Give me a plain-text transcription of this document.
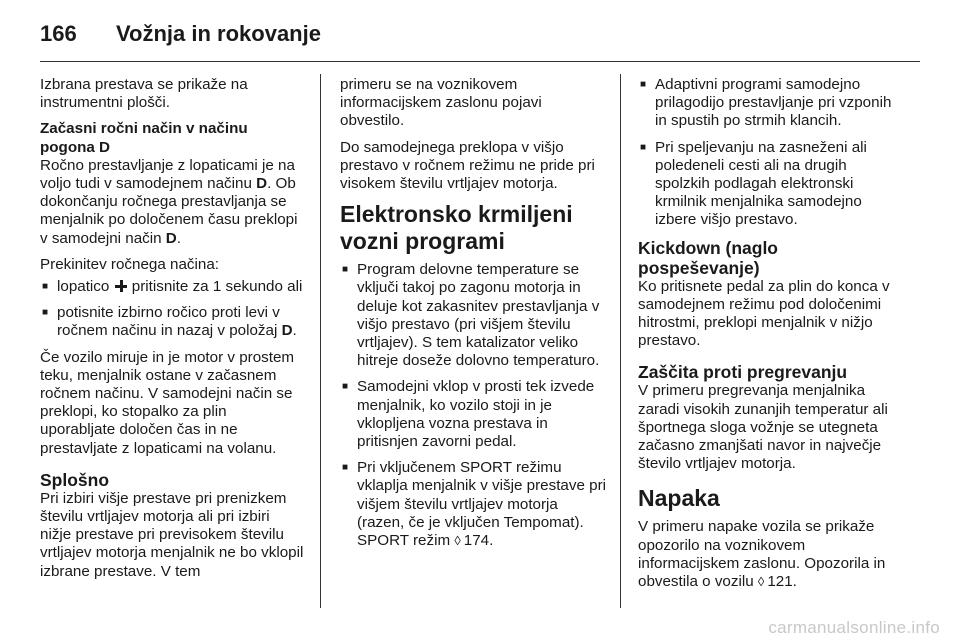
166 Vožnja in rokovanje

Izbrana prestava se prikaže na instrumentni plošči.

Začasni ročni način v načinu pogona D

Ročno prestavljanje z lopaticami je na voljo tudi v samodejnem načinu D. Ob dokončanju ročnega prestavljanja se menjalnik po določenem času preklopi v samodejni način D.

Prekinitev ročnega načina:

■ lopatico  pritisnite za 1 sekundo ali
■ potisnite izbirno ročico proti levi v ročnem načinu in nazaj v položaj D.

Če vozilo miruje in je motor v prostem teku, menjalnik ostane v začasnem ročnem načinu. V samodejni način se preklopi, ko stopalko za plin uporabljate določen čas in ne prestavljate z lopaticami na volanu.

Splošno

Pri izbiri višje prestave pri prenizkem številu vrtljajev motorja ali pri izbiri nižje prestave pri previsokem številu vrtljajev motorja menjalnik ne bo vklopil izbrane prestave. V tem

primeru se na voznikovem informacijskem zaslonu pojavi obvestilo.

Do samodejnega preklopa v višjo prestavo v ročnem režimu ne pride pri visokem številu vrtljajev motorja.

Elektronsko krmiljeni vozni programi
■ Program delovne temperature se vključi takoj po zagonu motorja in deluje kot zakasnitev prestavljanja v višjo prestavo (pri višjem številu vrtljajev). S tem katalizator veliko hitreje doseže dolovno temperaturo.
■ Samodejni vklop v prosti tek izvede menjalnik, ko vozilo stoji in je vklopljena vozna prestava in pritisnjen zavorni pedal.
■ Pri vključenem SPORT režimu vklaplja menjalnik v višje prestave pri višjem številu vrtljajev motorja (razen, če je vključen Tempomat). SPORT režim ◊ 174.
■ Adaptivni programi samodejno prilagodijo prestavljanje pri vzponih in spustih po strmih klancih.
■ Pri speljevanju na zasneženi ali poledeneli cesti ali na drugih spolzkih podlagah elektronski krmilnik menjalnika samodejno izbere višjo prestavo.
Kickdown (naglo pospeševanje)

Ko pritisnete pedal za plin do konca v samodejnem režimu pod določenimi hitrostmi, preklopi menjalnik v nižjo prestavo.

Zaščita proti pregrevanju

V primeru pregrevanja menjalnika zaradi visokih zunanjih temperatur ali športnega sloga vožnje se utegneta začasno zmanjšati navor in največje število vrtljajev motorja.

Napaka

V primeru napake vozila se prikaže opozorilo na voznikovem informacijskem zaslonu. Opozorila in obvestila o vozilu ◊ 121.

carmanualsonline.info
